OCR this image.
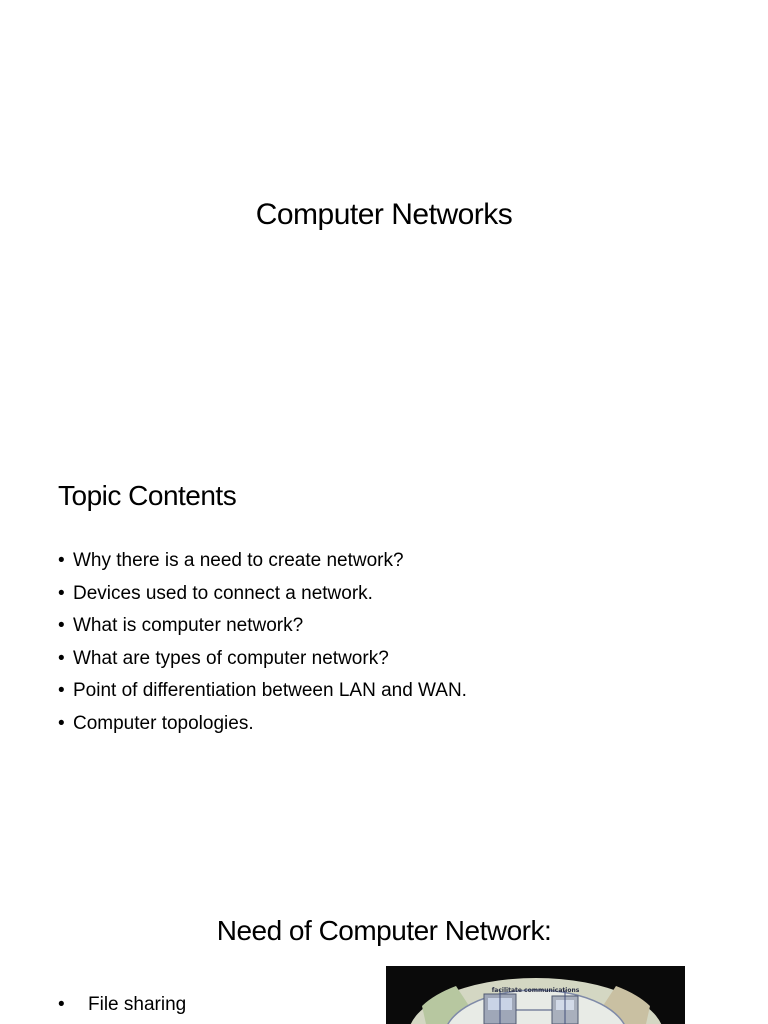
Computer Networks
Topic Contents
• Why there is a need to create network?
• Devices used to connect a network.
• What is computer network?
• What are types of computer network?
• Point of differentiation between LAN and WAN.
• Computer topologies.
Need of Computer Network:
• File sharing
facilitate communications
